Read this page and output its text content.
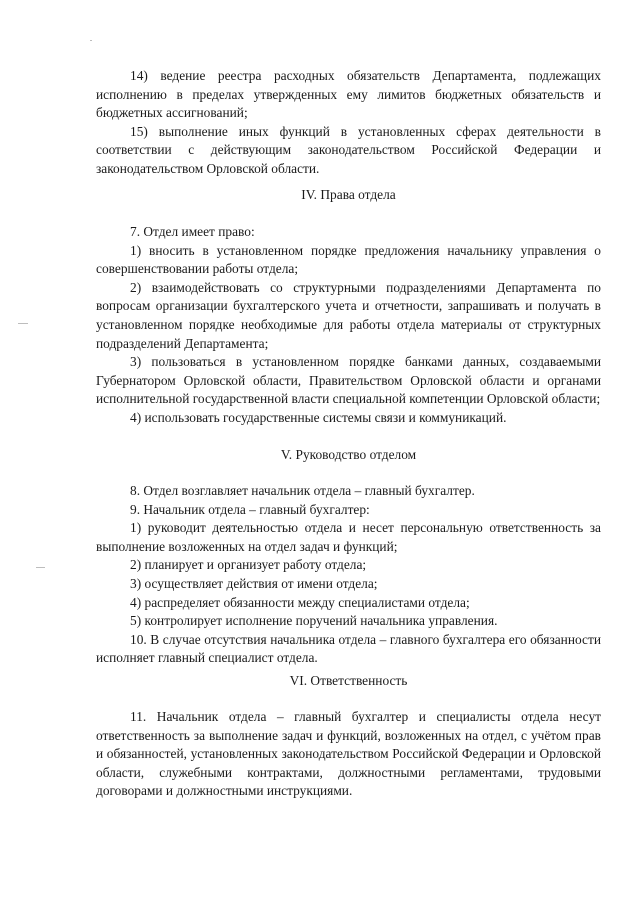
14) ведение реестра расходных обязательств Департамента, подлежащих исполнению в пределах утвержденных ему лимитов бюджетных обязательств и бюджетных ассигнований;

15) выполнение иных функций в установленных сферах деятельности в соответствии с действующим законодательством Российской Федерации и законодательством Орловской области.

IV. Права отдела

7. Отдел имеет право:

1) вносить в установленном порядке предложения начальнику управления о совершенствовании работы отдела;

2) взаимодействовать со структурными подразделениями Департамента по вопросам организации бухгалтерского учета и отчетности, запрашивать и получать в установленном порядке необходимые для работы отдела материалы от структурных подразделений Департамента;

3) пользоваться в установленном порядке банками данных, создаваемыми Губернатором Орловской области, Правительством Орловской области и органами исполнительной государственной власти специальной компетенции Орловской области;

4) использовать государственные системы связи и коммуникаций.

V. Руководство отделом

8. Отдел возглавляет начальник отдела – главный бухгалтер.

9. Начальник отдела – главный бухгалтер:

1) руководит деятельностью отдела и несет персональную ответственность за выполнение возложенных на отдел задач и функций;

2) планирует и организует работу отдела;

3) осуществляет действия от имени отдела;

4) распределяет обязанности между специалистами отдела;

5) контролирует исполнение поручений начальника управления.

10. В случае отсутствия начальника отдела – главного бухгалтера его обязанности исполняет главный специалист отдела.

VI. Ответственность

11. Начальник отдела – главный бухгалтер и специалисты отдела несут ответственность за выполнение задач и функций, возложенных на отдел, с учётом прав и обязанностей, установленных законодательством Российской Федерации и Орловской области, служебными контрактами, должностными регламентами, трудовыми договорами и должностными инструкциями.
